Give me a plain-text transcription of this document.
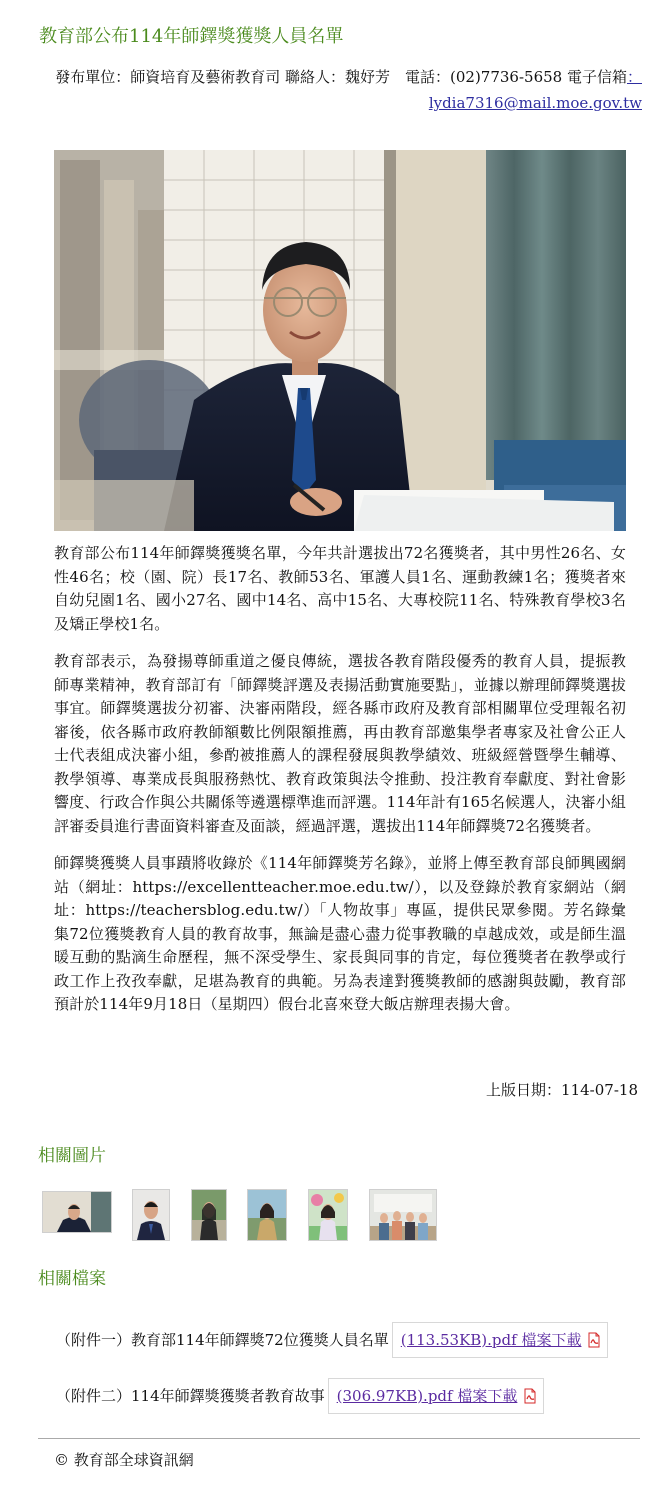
教育部公布114年師鐸獎獲獎人員名單
發布單位：師資培育及藝術教育司 聯絡人：魏妤芳　電話：(02)7736-5658 電子信箱：
lydia7316@mail.moe.gov.tw

教育部公布114年師鐸獎獲獎名單，今年共計選拔出72名獲獎者，其中男性26名、女性46名；校（園、院）長17名、教師53名、軍護人員1名、運動教練1名；獲獎者來自幼兒園1名、國小27名、國中14名、高中15名、大專校院11名、特殊教育學校3名及矯正學校1名。

教育部表示，為發揚尊師重道之優良傳統，選拔各教育階段優秀的教育人員，提振教師專業精神，教育部訂有「師鐸獎評選及表揚活動實施要點」，並據以辦理師鐸獎選拔事宜。師鐸獎選拔分初審、決審兩階段，經各縣市政府及教育部相關單位受理報名初審後，依各縣市政府教師額數比例限額推薦，再由教育部邀集學者專家及社會公正人士代表組成決審小組，參酌被推薦人的課程發展與教學績效、班級經營暨學生輔導、教學領導、專業成長與服務熱忱、教育政策與法令推動、投注教育奉獻度、對社會影響度、行政合作與公共關係等遴選標準進而評選。114年計有165名候選人，決審小組評審委員進行書面資料審查及面談，經過評選，選拔出114年師鐸獎72名獲獎者。

師鐸獎獲獎人員事蹟將收錄於《114年師鐸獎芳名錄》，並將上傳至教育部良師興國網站（網址：https://excellentteacher.moe.edu.tw/），以及登錄於教育家網站（網址：https://teachersblog.edu.tw/）「人物故事」專區，提供民眾參閱。芳名錄彙集72位獲獎教育人員的教育故事，無論是盡心盡力從事教職的卓越成效，或是師生溫暖互動的點滴生命歷程，無不深受學生、家長與同事的肯定，每位獲獎者在教學或行政工作上孜孜奉獻，足堪為教育的典範。另為表達對獲獎教師的感謝與鼓勵，教育部預計於114年9月18日（星期四）假台北喜來登大飯店辦理表揚大會。

上版日期：114-07-18
相關圖片
相關檔案
（附件一）教育部114年師鐸獎72位獲獎人員名單 (113.53KB).pdf 檔案下載
（附件二）114年師鐸獎獲獎者教育故事 (306.97KB).pdf 檔案下載
© 教育部全球資訊網
